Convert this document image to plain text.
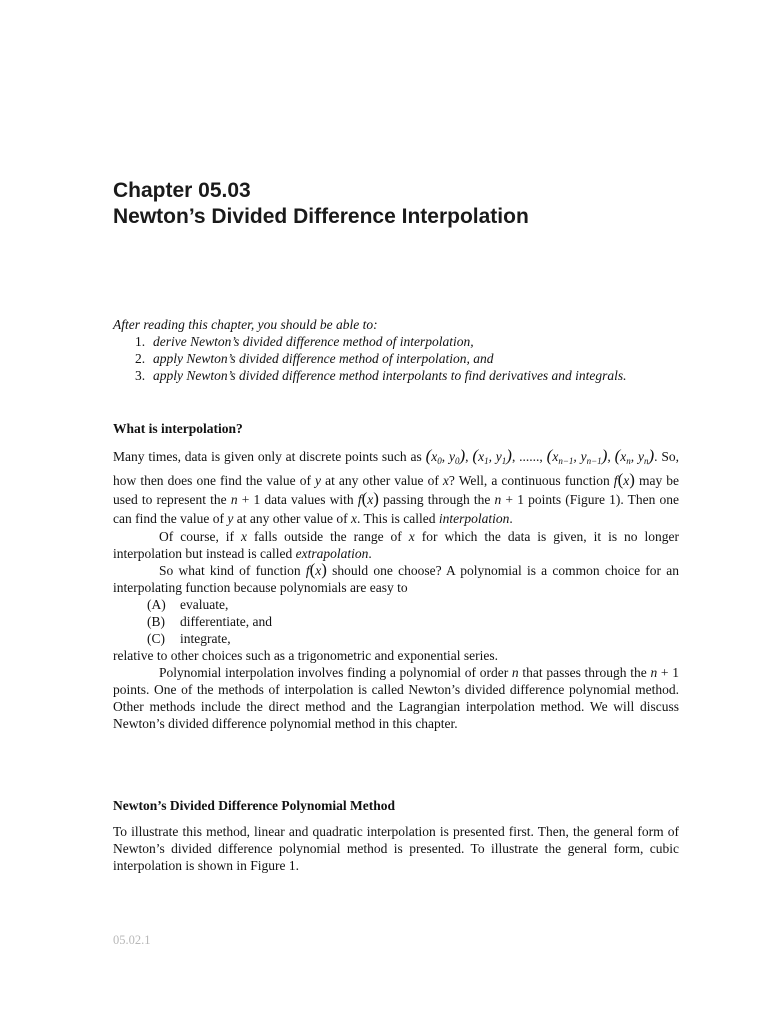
Chapter 05.03
Newton’s Divided Difference Interpolation
After reading this chapter, you should be able to:
1. derive Newton’s divided difference method of interpolation,
2. apply Newton’s divided difference method of interpolation, and
3. apply Newton’s divided difference method interpolants to find derivatives and integrals.
What is interpolation?

Many times, data is given only at discrete points such as ($x_0$, $y_0$), ($x_1$, $y_1$), ......, ($x_{n-1}$, $y_{n-1}$), ($x_n$, $y_n$). So, how then does one find the value of y at any other value of x? Well, a continuous function f(x) may be used to represent the n + 1 data values with f(x) passing through the n + 1 points (Figure 1). Then one can find the value of y at any other value of x. This is called interpolation.

Of course, if x falls outside the range of x for which the data is given, it is no longer interpolation but instead is called extrapolation.

So what kind of function f(x) should one choose? A polynomial is a common choice for an interpolating function because polynomials are easy to

(A) evaluate,
(B) differentiate, and
(C) integrate,

relative to other choices such as a trigonometric and exponential series.

Polynomial interpolation involves finding a polynomial of order n that passes through the n + 1 points. One of the methods of interpolation is called Newton’s divided difference polynomial method. Other methods include the direct method and the Lagrangian interpolation method. We will discuss Newton’s divided difference polynomial method in this chapter.

Newton’s Divided Difference Polynomial Method

To illustrate this method, linear and quadratic interpolation is presented first. Then, the general form of Newton’s divided difference polynomial method is presented. To illustrate the general form, cubic interpolation is shown in Figure 1.

05.02.1
